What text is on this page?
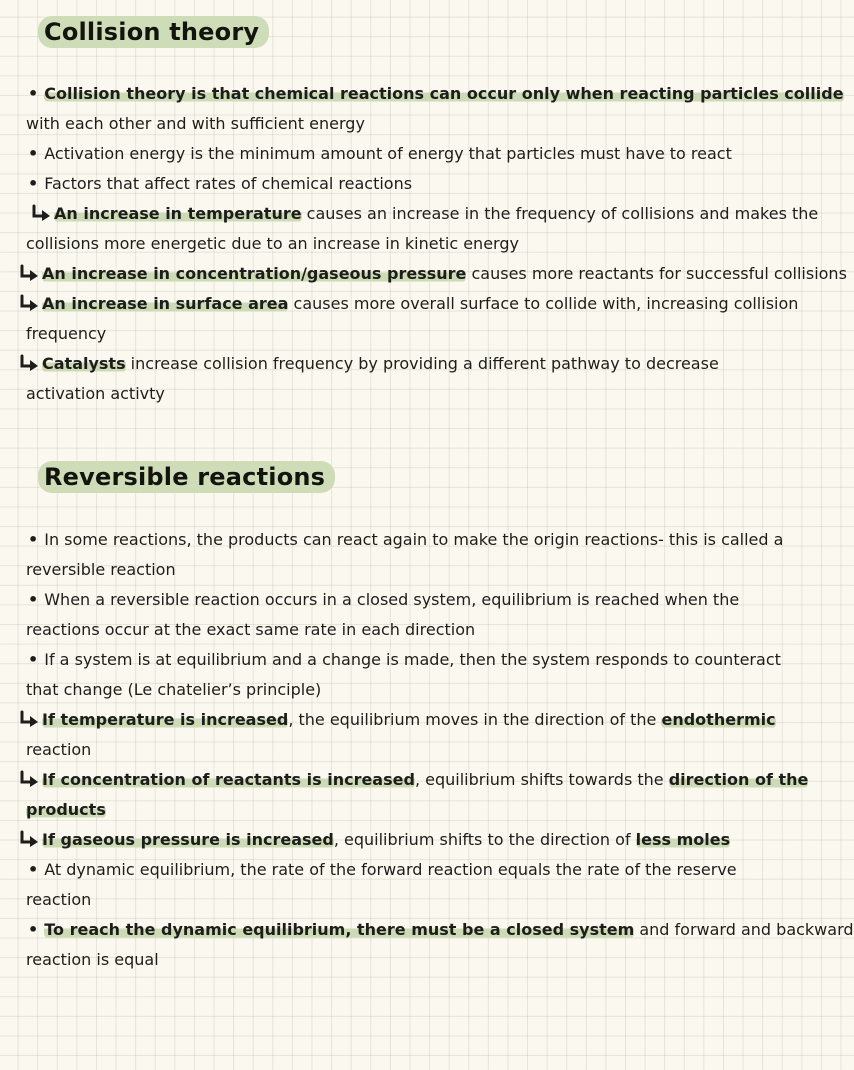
Collision theory
• Collision theory is that chemical reactions can occur only when reacting particles collide
with each other and with sufficient energy
• Activation energy is the minimum amount of energy that particles must have to react
• Factors that affect rates of chemical reactions
An increase in temperature causes an increase in the frequency of collisions and makes the
collisions more energetic due to an increase in kinetic energy
An increase in concentration/gaseous pressure causes more reactants for successful collisions
An increase in surface area causes more overall surface to collide with, increasing collision
frequency
Catalysts increase collision frequency by providing a different pathway to decrease
activation activty
Reversible reactions
• In some reactions, the products can react again to make the origin reactions- this is called a
reversible reaction
• When a reversible reaction occurs in a closed system, equilibrium is reached when the
reactions occur at the exact same rate in each direction
• If a system is at equilibrium and a change is made, then the system responds to counteract
that change (Le chatelier’s principle)
If temperature is increased, the equilibrium moves in the direction of the endothermic
reaction
If concentration of reactants is increased, equilibrium shifts towards the direction of the
products
If gaseous pressure is increased, equilibrium shifts to the direction of less moles
• At dynamic equilibrium, the rate of the forward reaction equals the rate of the reserve
reaction
• To reach the dynamic equilibrium, there must be a closed system and forward and backward
reaction is equal
